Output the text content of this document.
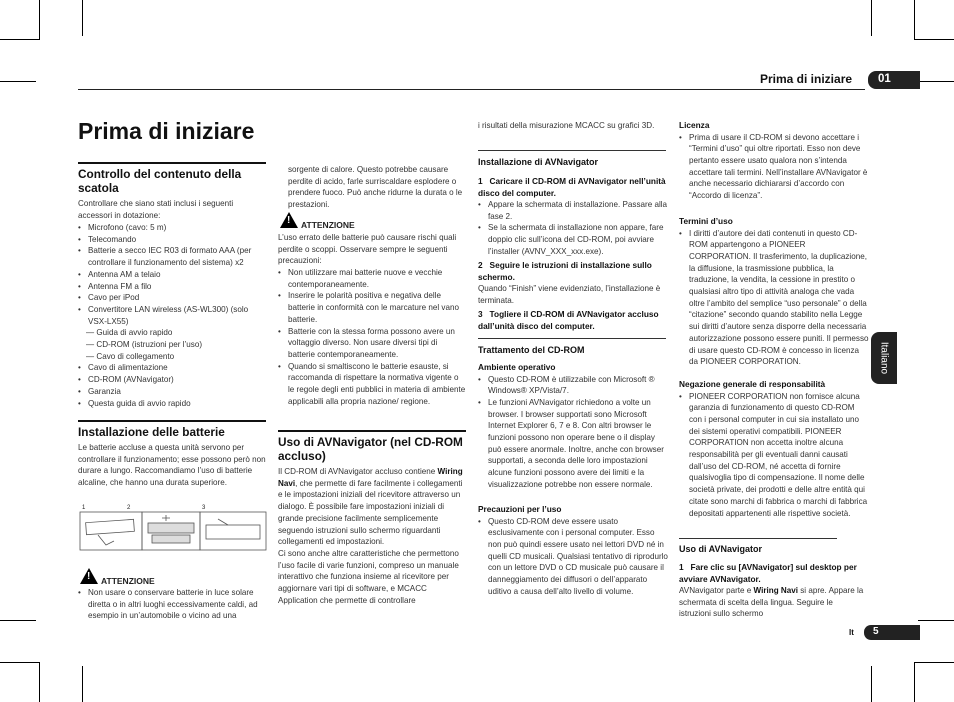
Prima di iniziare 01
Italiano
Prima di iniziare
Controllo del contenuto della scatola
Controllare che siano stati inclusi i seguenti accessori in dotazione:
• Microfono (cavo: 5 m)
• Telecomando
• Batterie a secco IEC R03 di formato AAA (per controllare il funzionamento del sistema) x2
• Antenna AM a telaio
• Antenna FM a filo
• Cavo per iPod
• Convertitore LAN wireless (AS-WL300) (solo VSX-LX55)
— Guida di avvio rapido
— CD-ROM (istruzioni per l’uso)
— Cavo di collegamento
• Cavo di alimentazione
• CD-ROM (AVNavigator)
• Garanzia
• Questa guida di avvio rapido
Installazione delle batterie
Le batterie accluse a questa unità servono per controllare il funzionamento; esse possono però non durare a lungo. Raccomandiamo l’uso di batterie alcaline, che hanno una durata superiore.
1	2	3
! ATTENZIONE
• Non usare o conservare batterie in luce solare diretta o in altri luoghi eccessivamente caldi, ad esempio in un’automobile o vicino ad una
sorgente di calore. Questo potrebbe causare perdite di acido, farle surriscaldare esplodere o prendere fuoco. Può anche ridurne la durata o le prestazioni.
! ATTENZIONE
L’uso errato delle batterie può causare rischi quali perdite o scoppi. Osservare sempre le seguenti precauzioni:
• Non utilizzare mai batterie nuove e vecchie contemporaneamente.
• Inserire le polarità positiva e negativa delle batterie in conformità con le marcature nel vano batterie.
• Batterie con la stessa forma possono avere un voltaggio diverso. Non usare diversi tipi di batterie contemporaneamente.
• Quando si smaltiscono le batterie esauste, si raccomanda di rispettare la normativa vigente o le regole degli enti pubblici in materia di ambiente applicabili alla propria nazione/ regione.
Uso di AVNavigator (nel CD-ROM accluso)
Il CD-ROM di AVNavigator accluso contiene Wiring Navi, che permette di fare facilmente i collegamenti e le impostazioni iniziali del ricevitore attraverso un dialogo. È possibile fare impostazioni iniziali di grande precisione facilmente semplicemente seguendo istruzioni sullo schermo riguardanti collegamenti ed impostazioni.
Ci sono anche altre caratteristiche che permettono l’uso facile di varie funzioni, compreso un manuale interattivo che funziona insieme al ricevitore per aggiornare vari tipi di software, e MCACC Application che permette di controllare
i risultati della misurazione MCACC su grafici 3D.
Installazione di AVNavigator
1 Caricare il CD-ROM di AVNavigator nell’unità disco del computer.
• Appare la schermata di installazione. Passare alla fase 2.
• Se la schermata di installazione non appare, fare doppio clic sull’icona del CD-ROM, poi avviare l’installer (AVNV_XXX_xxx.exe).
2 Seguire le istruzioni di installazione sullo schermo.
Quando “Finish” viene evidenziato, l’installazione è terminata.
3 Togliere il CD-ROM di AVNavigator accluso dall’unità disco del computer.
Trattamento del CD-ROM
Ambiente operativo
• Questo CD-ROM è utilizzabile con Microsoft ® Windows® XP/Vista/7.
• Le funzioni AVNavigator richiedono a volte un browser. I browser supportati sono Microsoft Internet Explorer 6, 7 e 8. Con altri browser le funzioni possono non operare bene o il display può essere anormale. Inoltre, anche con browser supportati, a seconda delle loro impostazioni alcune funzioni possono avere dei limiti e la visualizzazione potrebbe non essere normale.
Precauzioni per l’uso
• Questo CD-ROM deve essere usato esclusivamente con i personal computer. Esso non può quindi essere usato nei lettori DVD né in quelli CD musicali. Qualsiasi tentativo di riprodurlo con un lettore DVD o CD musicale può causare il danneggiamento dei diffusori o dell’apparato uditivo a causa dell’alto livello di volume.
Licenza
• Prima di usare il CD-ROM si devono accettare i “Termini d’uso” qui oltre riportati. Esso non deve pertanto essere usato qualora non s’intenda accettare tali termini. Nell’installare AVNavigator è anche necessario dichiararsi d’accordo con “Accordo di licenza”.
Termini d’uso
• I diritti d’autore dei dati contenuti in questo CD-ROM appartengono a PIONEER CORPORATION. Il trasferimento, la duplicazione, la diffusione, la trasmissione pubblica, la traduzione, la vendita, la cessione in prestito o qualsiasi altro tipo di attività analoga che vada oltre l’ambito del semplice “uso personale” o della “citazione” secondo quando stabilito nella Legge sui diritti d’autore senza disporre della necessaria autorizzazione possono essere puniti. Il permesso di usare questo CD-ROM è concesso in licenza da PIONEER CORPORATION.
Negazione generale di responsabilità
• PIONEER CORPORATION non fornisce alcuna garanzia di funzionamento di questo CD-ROM con i personal computer in cui sia installato uno dei sistemi operativi compatibili. PIONEER CORPORATION non accetta inoltre alcuna responsabilità per gli eventuali danni causati dall’uso del CD-ROM, né accetta di fornire qualsivoglia tipo di compensazione. Il nome delle società private, dei prodotti e delle altre entità qui citate sono marchi di fabbrica o marchi di fabbrica depositati appartenenti alle rispettive società.
Uso di AVNavigator
1 Fare clic su [AVNavigator] sul desktop per avviare AVNavigator.
AVNavigator parte e Wiring Navi si apre. Appare la schermata di scelta della lingua. Seguire le istruzioni sullo schermo
It 5
